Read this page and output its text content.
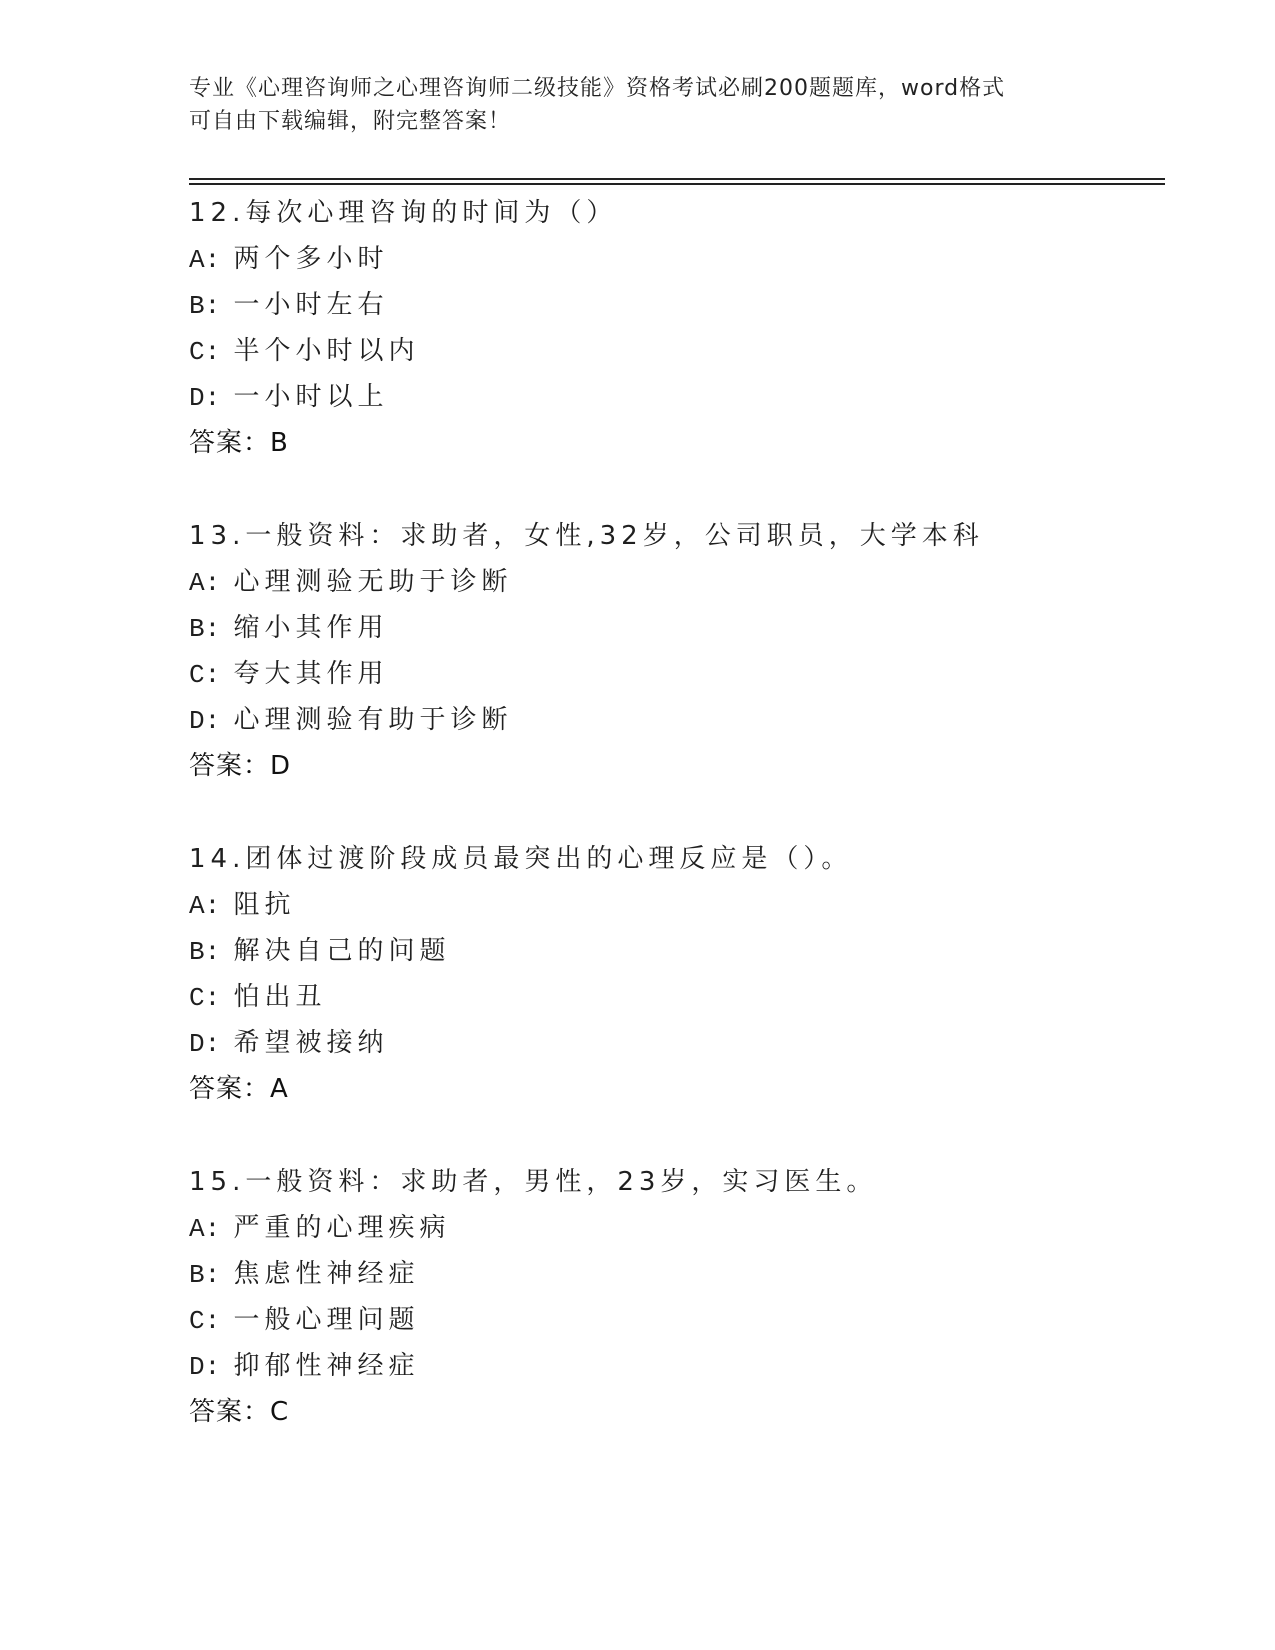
专业《心理咨询师之心理咨询师二级技能》资格考试必刷200题题库，word格式
可自由下载编辑，附完整答案！
12.每次心理咨询的时间为（）
A: 两个多小时
B: 一小时左右
C: 半个小时以内
D: 一小时以上
答案：B
13.一般资料：求助者，女性,32岁，公司职员，大学本科
A: 心理测验无助于诊断
B: 缩小其作用
C: 夸大其作用
D: 心理测验有助于诊断
答案：D
14.团体过渡阶段成员最突出的心理反应是（）。
A: 阻抗
B: 解决自己的问题
C: 怕出丑
D: 希望被接纳
答案：A
15.一般资料：求助者，男性，23岁，实习医生。
A: 严重的心理疾病
B: 焦虑性神经症
C: 一般心理问题
D: 抑郁性神经症
答案：C
